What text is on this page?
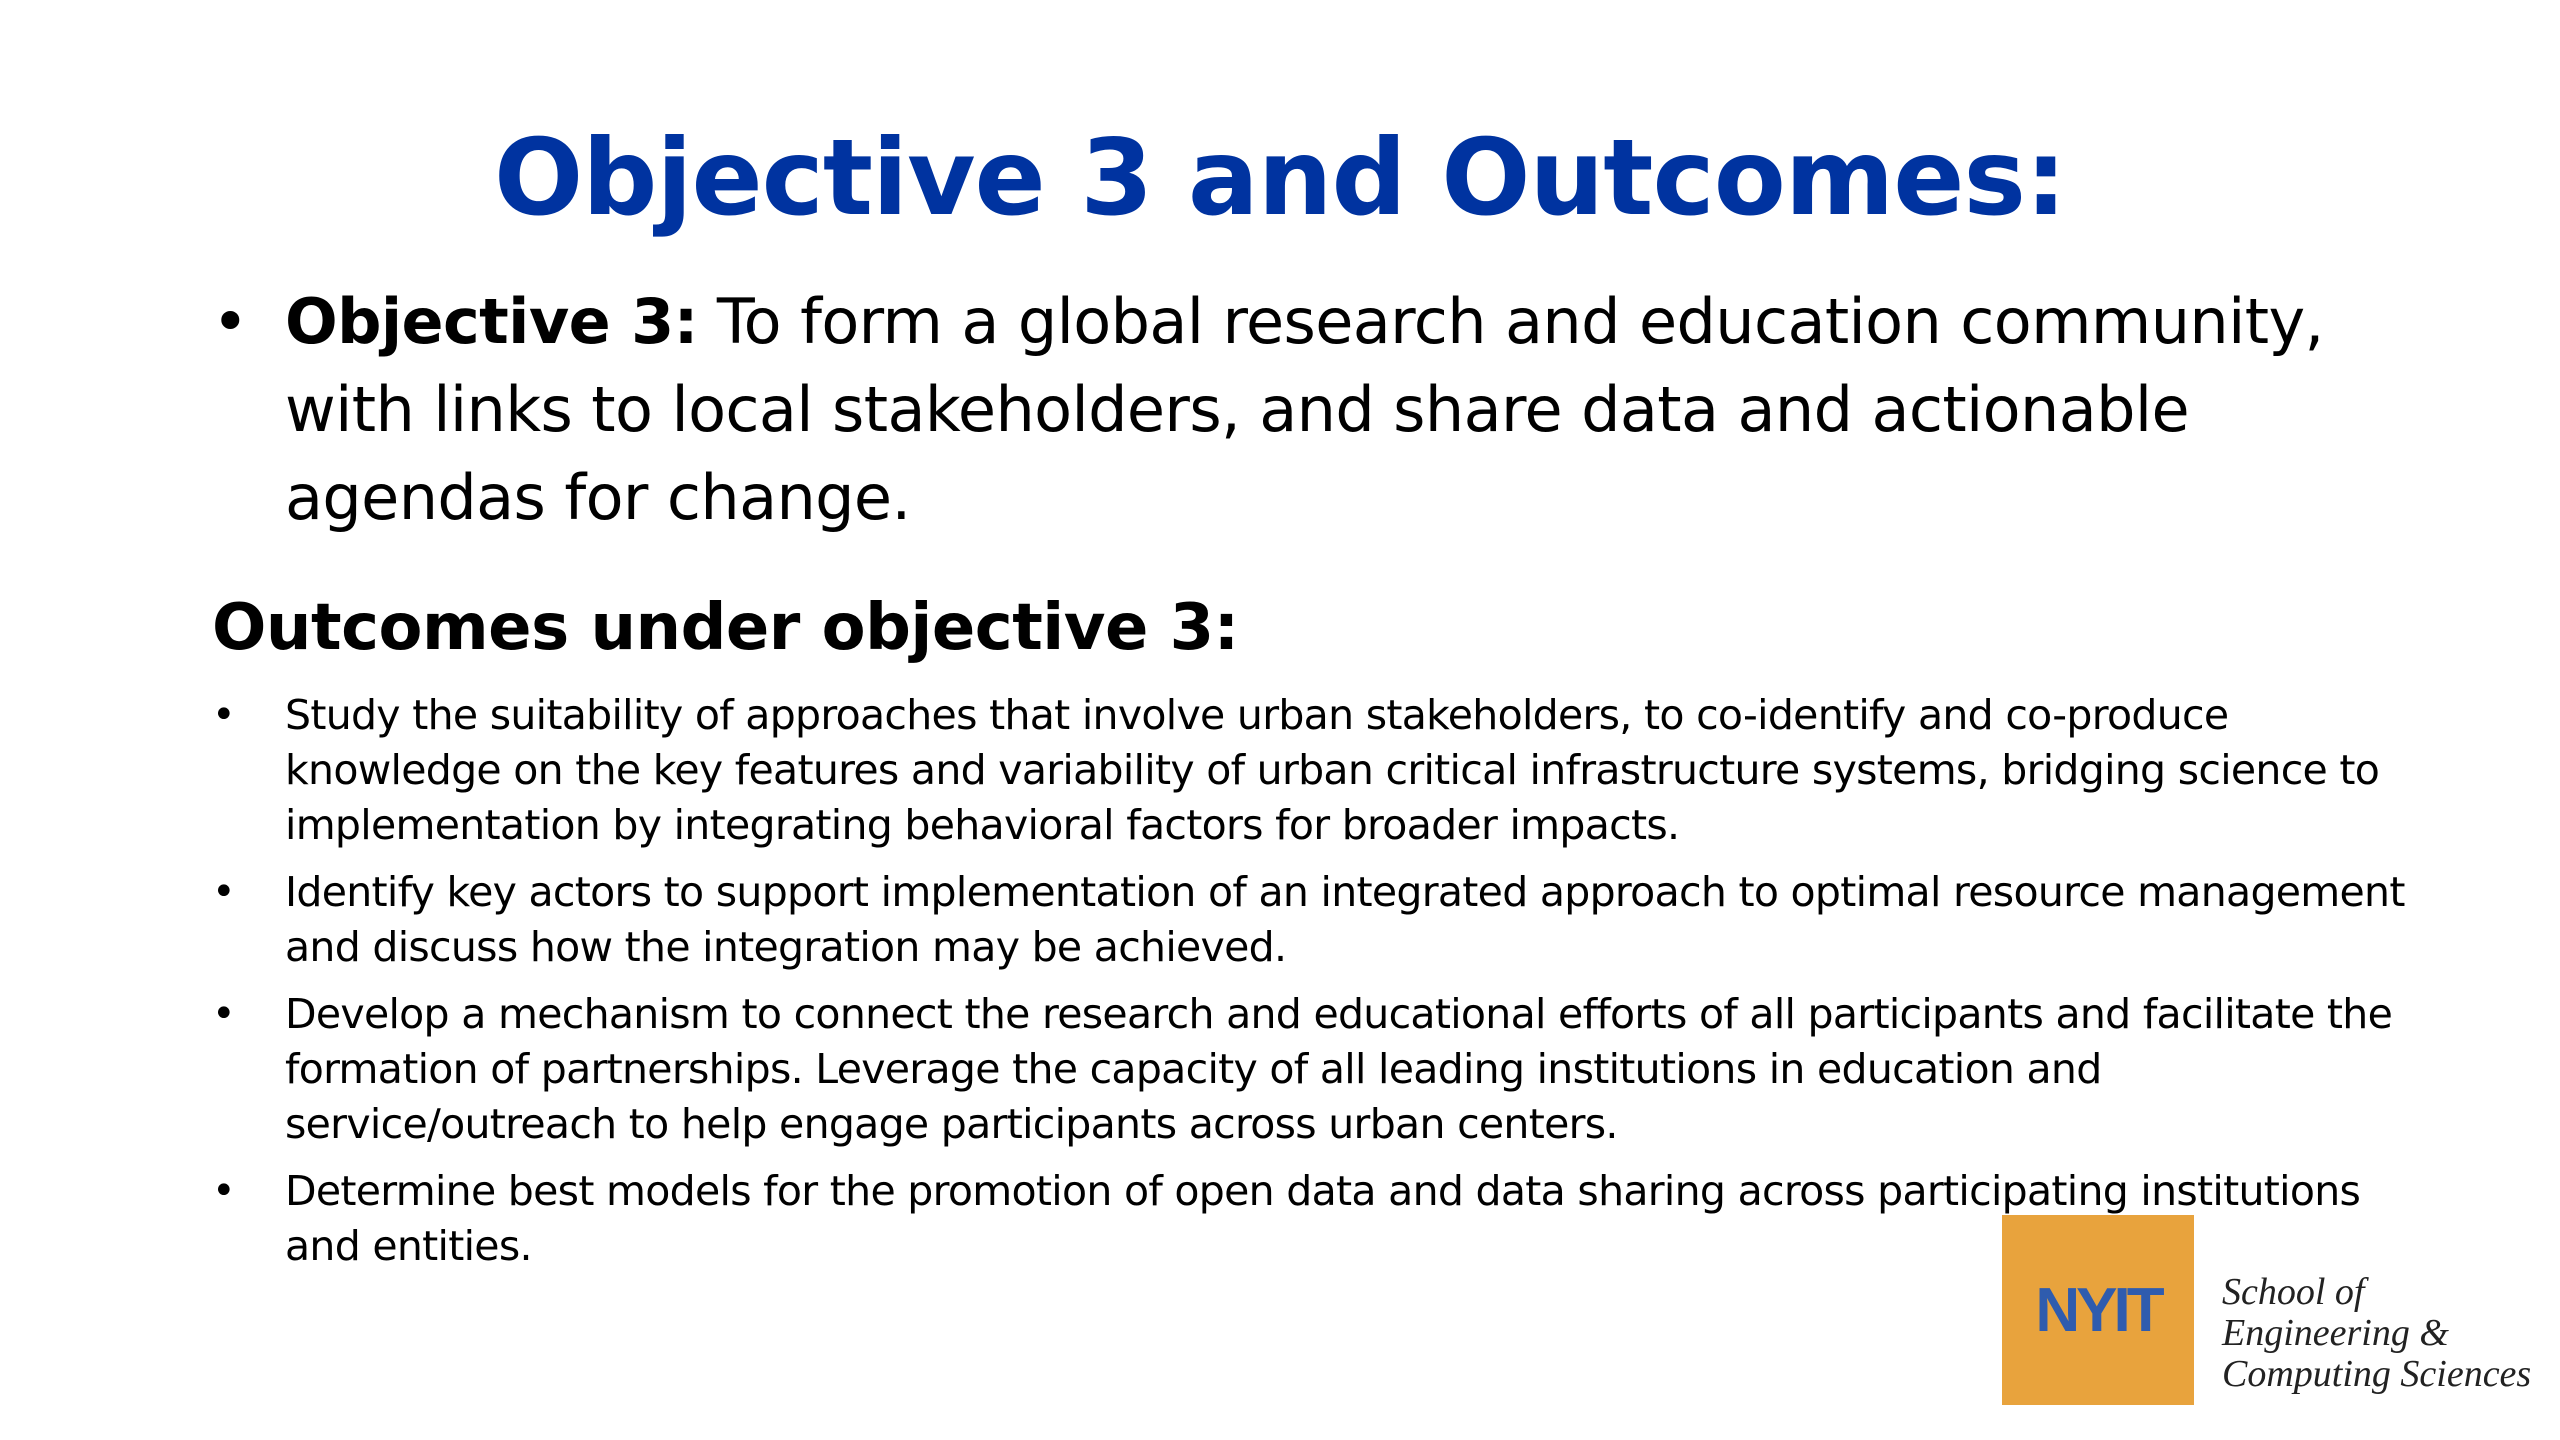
Objective 3 and Outcomes:
• Objective 3: To form a global research and education community, with links to local stakeholders, and share data and actionable agendas for change.
Outcomes under objective 3:
• Study the suitability of approaches that involve urban stakeholders, to co-identify and co-produce knowledge on the key features and variability of urban critical infrastructure systems, bridging science to implementation by integrating behavioral factors for broader impacts.
• Identify key actors to support implementation of an integrated approach to optimal resource management and discuss how the integration may be achieved.
• Develop a mechanism to connect the research and educational efforts of all participants and facilitate the formation of partnerships. Leverage the capacity of all leading institutions in education and service/outreach to help engage participants across urban centers.
• Determine best models for the promotion of open data and data sharing across participating institutions and entities.
NYIT School of
Engineering &
Computing Sciences
